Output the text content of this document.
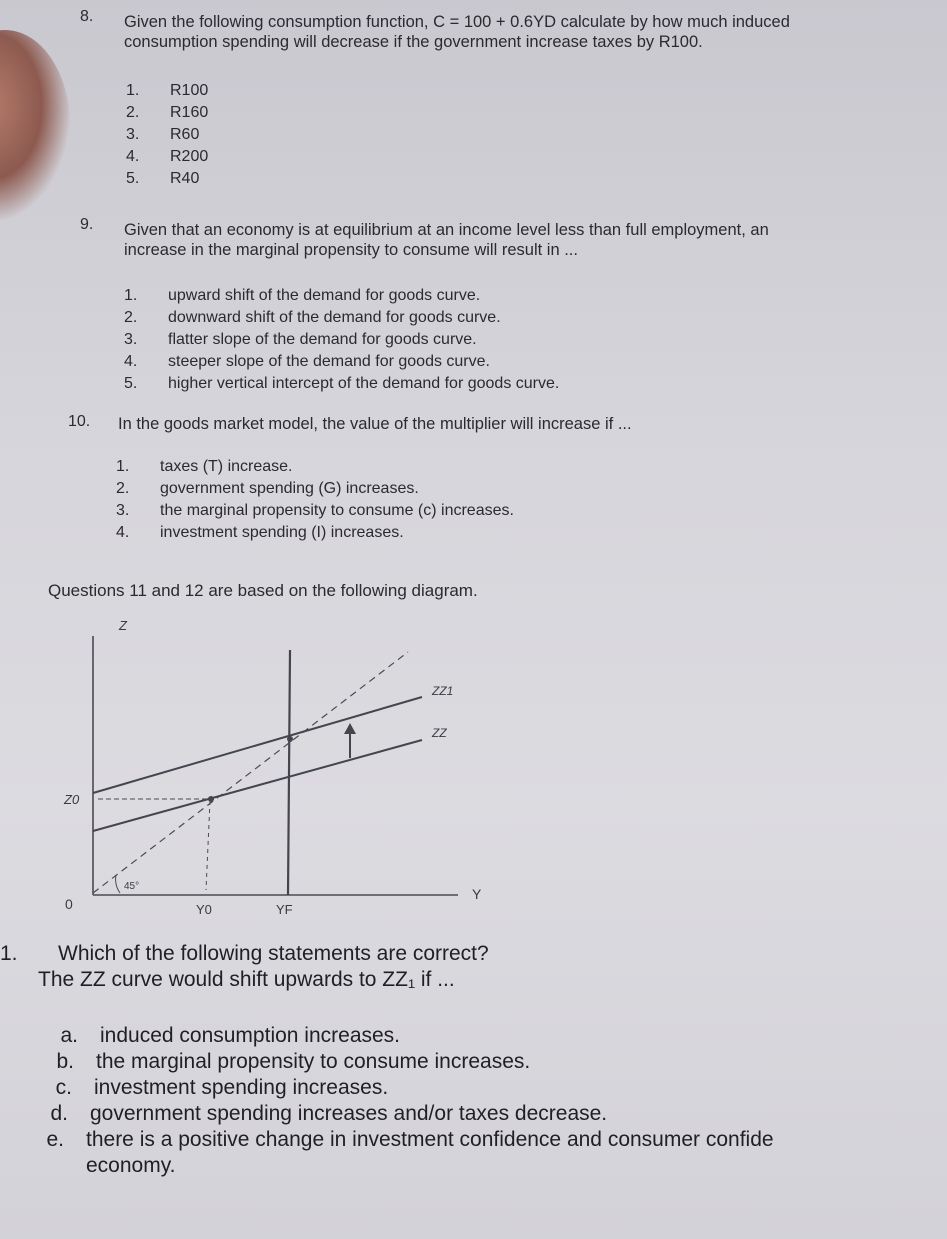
8. Given the following consumption function, C = 100 + 0.6YD calculate by how much induced
consumption spending will decrease if the government increase taxes by R100.
1.	R100
2.	R160
3.	R60
4.	R200
5.	R40
9. Given that an economy is at equilibrium at an income level less than full employment, an
increase in the marginal propensity to consume will result in ...
1.	upward shift of the demand for goods curve.
2.	downward shift of the demand for goods curve.
3.	flatter slope of the demand for goods curve.
4.	steeper slope of the demand for goods curve.
5.	higher vertical intercept of the demand for goods curve.
10. In the goods market model, the value of the multiplier will increase if ...
1.	taxes (T) increase.
2.	government spending (G) increases.
3.	the marginal propensity to consume (c) increases.
4.	investment spending (I) increases.
Questions 11 and 12 are based on the following diagram.
Z
Y
0
Z0
Y0	YF
45°
ZZ1
ZZ
1. Which of the following statements are correct?
The ZZ curve would shift upwards to ZZ₁ if ...
a.	induced consumption increases.
b.	the marginal propensity to consume increases.
c.	investment spending increases.
d.	government spending increases and/or taxes decrease.
e.	there is a positive change in investment confidence and consumer confide
economy.
